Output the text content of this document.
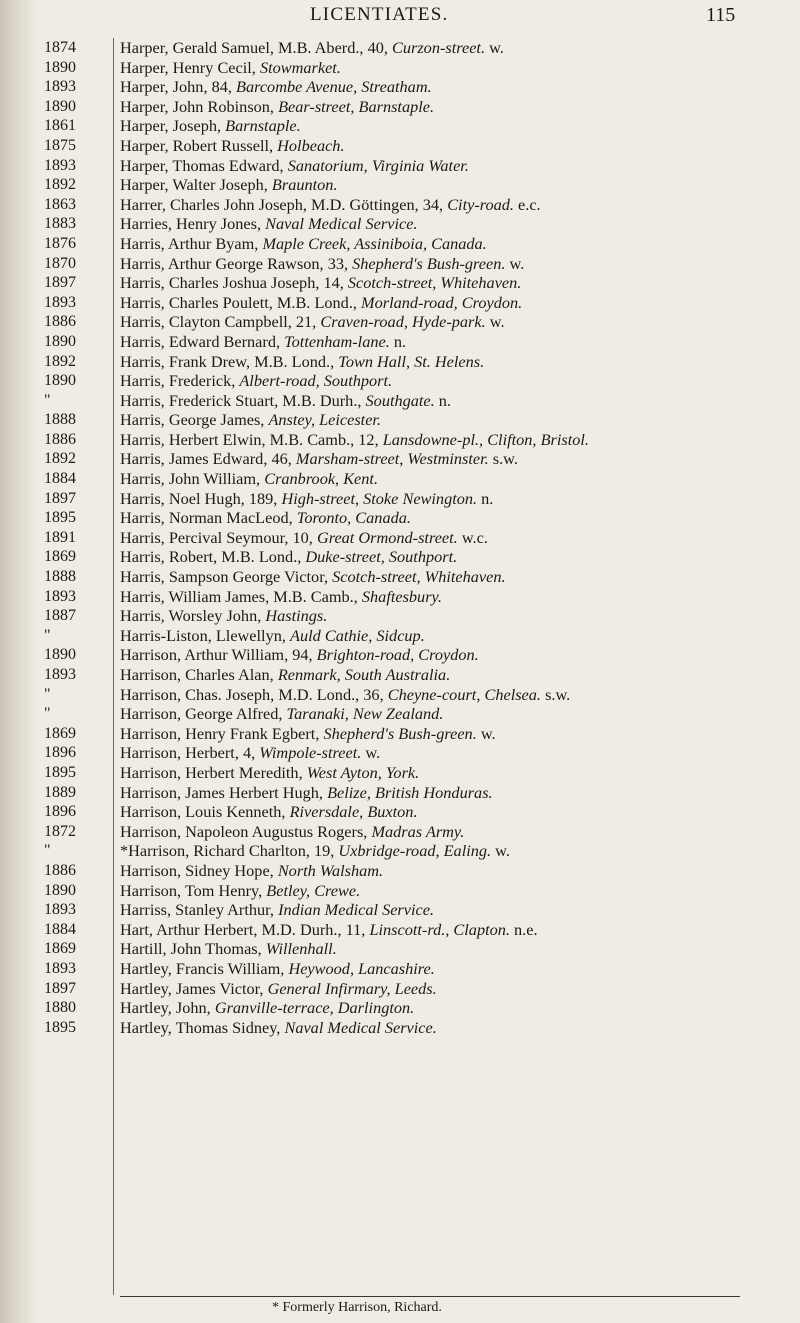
LICENTIATES.	115
1874	Harper, Gerald Samuel, M.B. Aberd., 40, Curzon-street. w.
1890	Harper, Henry Cecil, Stowmarket.
1893	Harper, John, 84, Barcombe Avenue, Streatham.
1890	Harper, John Robinson, Bear-street, Barnstaple.
1861	Harper, Joseph, Barnstaple.
1875	Harper, Robert Russell, Holbeach.
1893	Harper, Thomas Edward, Sanatorium, Virginia Water.
1892	Harper, Walter Joseph, Braunton.
1863	Harrer, Charles John Joseph, M.D. Göttingen, 34, City-road. e.c.
1883	Harries, Henry Jones, Naval Medical Service.
1876	Harris, Arthur Byam, Maple Creek, Assiniboia, Canada.
1870	Harris, Arthur George Rawson, 33, Shepherd's Bush-green. w.
1897	Harris, Charles Joshua Joseph, 14, Scotch-street, Whitehaven.
1893	Harris, Charles Poulett, M.B. Lond., Morland-road, Croydon.
1886	Harris, Clayton Campbell, 21, Craven-road, Hyde-park. w.
1890	Harris, Edward Bernard, Tottenham-lane. n.
1892	Harris, Frank Drew, M.B. Lond., Town Hall, St. Helens.
1890	Harris, Frederick, Albert-road, Southport.
"	Harris, Frederick Stuart, M.B. Durh., Southgate. n.
1888	Harris, George James, Anstey, Leicester.
1886	Harris, Herbert Elwin, M.B. Camb., 12, Lansdowne-pl., Clifton, Bristol.
1892	Harris, James Edward, 46, Marsham-street, Westminster. s.w.
1884	Harris, John William, Cranbrook, Kent.
1897	Harris, Noel Hugh, 189, High-street, Stoke Newington. n.
1895	Harris, Norman MacLeod, Toronto, Canada.
1891	Harris, Percival Seymour, 10, Great Ormond-street. w.c.
1869	Harris, Robert, M.B. Lond., Duke-street, Southport.
1888	Harris, Sampson George Victor, Scotch-street, Whitehaven.
1893	Harris, William James, M.B. Camb., Shaftesbury.
1887	Harris, Worsley John, Hastings.
"	Harris-Liston, Llewellyn, Auld Cathie, Sidcup.
1890	Harrison, Arthur William, 94, Brighton-road, Croydon.
1893	Harrison, Charles Alan, Renmark, South Australia.
"	Harrison, Chas. Joseph, M.D. Lond., 36, Cheyne-court, Chelsea. s.w.
"	Harrison, George Alfred, Taranaki, New Zealand.
1869	Harrison, Henry Frank Egbert, Shepherd's Bush-green. w.
1896	Harrison, Herbert, 4, Wimpole-street. w.
1895	Harrison, Herbert Meredith, West Ayton, York.
1889	Harrison, James Herbert Hugh, Belize, British Honduras.
1896	Harrison, Louis Kenneth, Riversdale, Buxton.
1872	Harrison, Napoleon Augustus Rogers, Madras Army.
"	*Harrison, Richard Charlton, 19, Uxbridge-road, Ealing. w.
1886	Harrison, Sidney Hope, North Walsham.
1890	Harrison, Tom Henry, Betley, Crewe.
1893	Harriss, Stanley Arthur, Indian Medical Service.
1884	Hart, Arthur Herbert, M.D. Durh., 11, Linscott-rd., Clapton. n.e.
1869	Hartill, John Thomas, Willenhall.
1893	Hartley, Francis William, Heywood, Lancashire.
1897	Hartley, James Victor, General Infirmary, Leeds.
1880	Hartley, John, Granville-terrace, Darlington.
1895	Hartley, Thomas Sidney, Naval Medical Service.
* Formerly Harrison, Richard.
